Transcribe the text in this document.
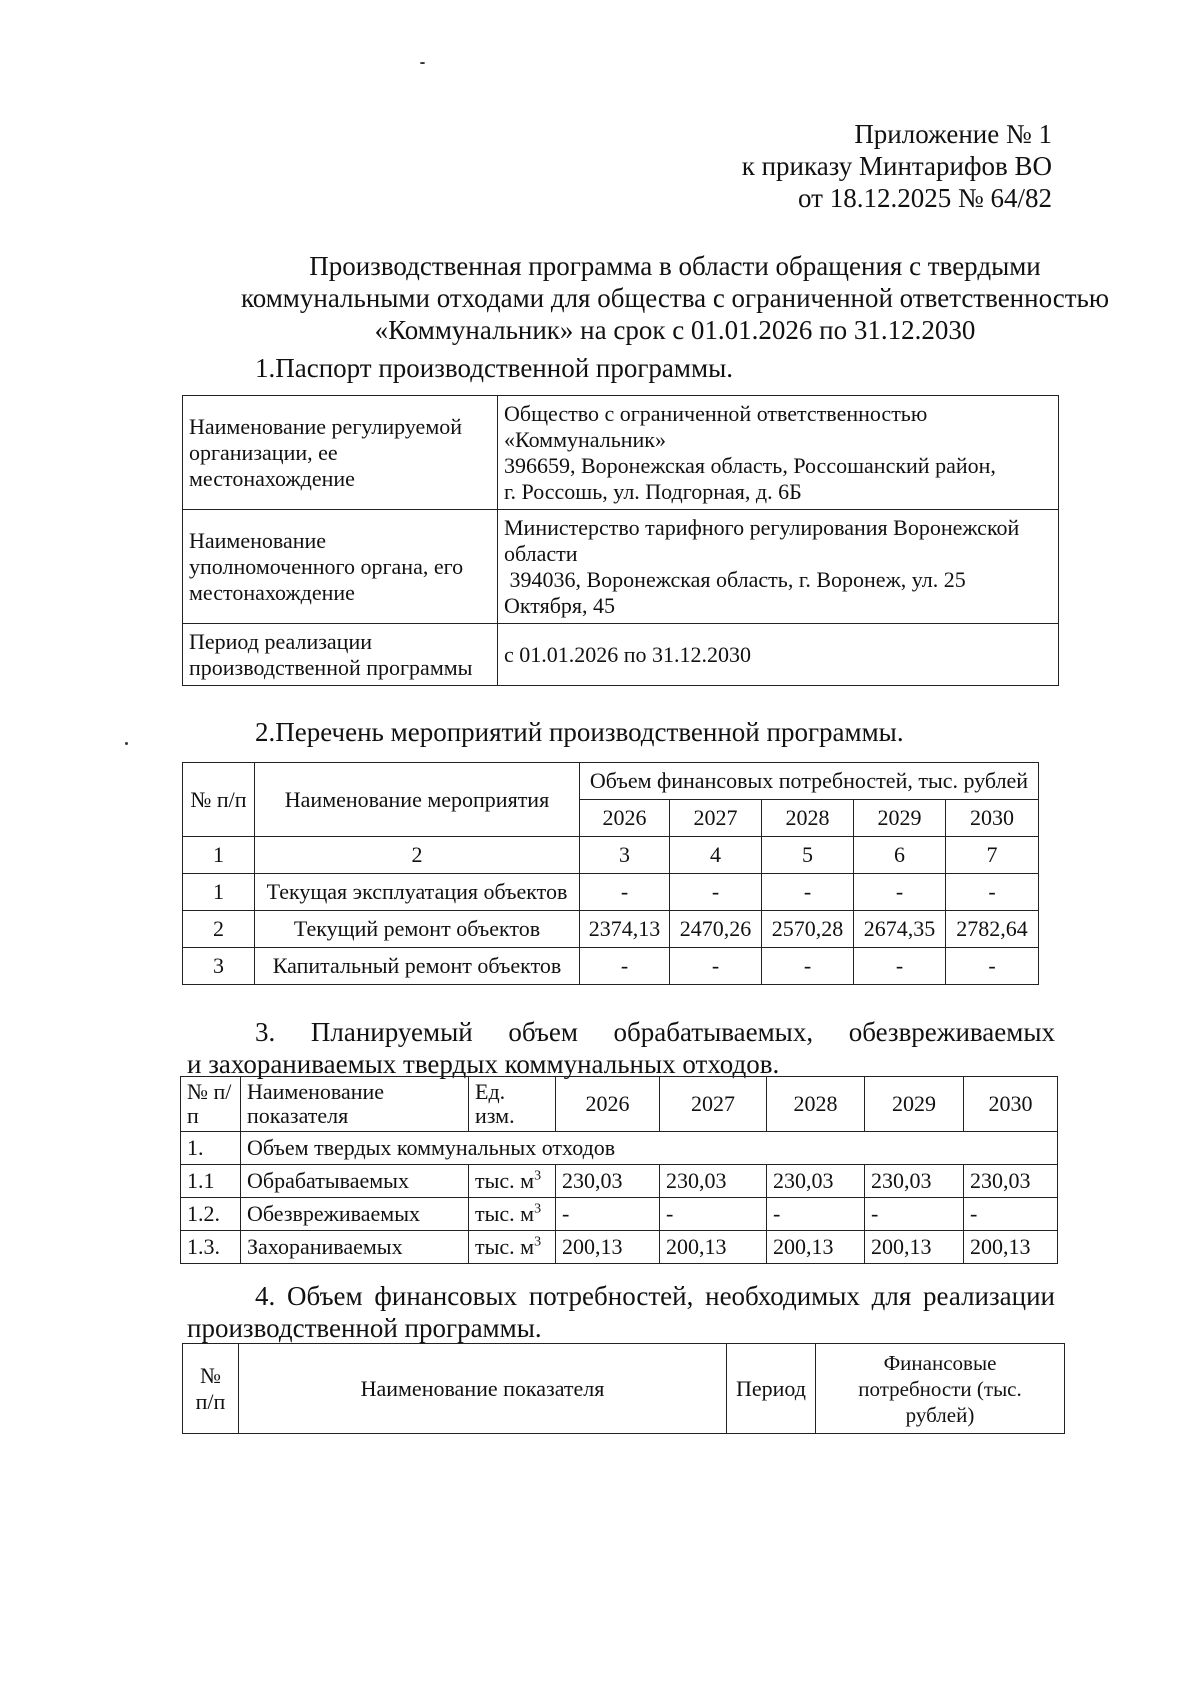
Приложение № 1
к приказу Минтарифов ВО
от 18.12.2025 № 64/82
Производственная программа в области обращения с твердыми
коммунальными отходами для общества с ограниченной ответственностью
«Коммунальник» на срок с 01.01.2026 по 31.12.2030
1.Паспорт производственной программы.
Наименование регулируемой организации, ее местонахождение	Общество с ограниченной ответственностью
«Коммунальник»
396659, Воронежская область, Россошанский район,
г. Россошь, ул. Подгорная, д. 6Б

Наименование уполномоченного органа, его местонахождение	Министерство тарифного регулирования Воронежской
области
394036, Воронежская область, г. Воронеж, ул. 25
Октября, 45

Период реализации производственной программы	с 01.01.2026 по 31.12.2030
2.Перечень мероприятий производственной программы.
№ п/п	Наименование мероприятия	Объем финансовых потребностей, тыс. рублей				
		2026	2027	2028	2029	2030
1	2	3	4	5	6	7
1	Текущая эксплуатация объектов	-	-	-	-	-
2	Текущий ремонт объектов	2374,13	2470,26	2570,28	2674,35	2782,64
3	Капитальный ремонт объектов	-	-	-	-	-
3. Планируемый объем обрабатываемых, обезвреживаемых
и захораниваемых твердых коммунальных отходов.
№ п/п	Наименование показателя	Ед. изм.	2026	2027	2028	2029	2030
1.	Объем твердых коммунальных отходов						
1.1	Обрабатываемых	тыс. $м^3$	230,03	230,03	230,03	230,03	230,03
1.2.	Обезвреживаемых	тыс. $м^3$	-	-	-	-	-
1.3.	Захораниваемых	тыс. $м^3$	200,13	200,13	200,13	200,13	200,13
4. Объем финансовых потребностей, необходимых для реализации
производственной программы.
№ п/п	Наименование показателя	Период	Финансовые потребности (тыс. рублей)
